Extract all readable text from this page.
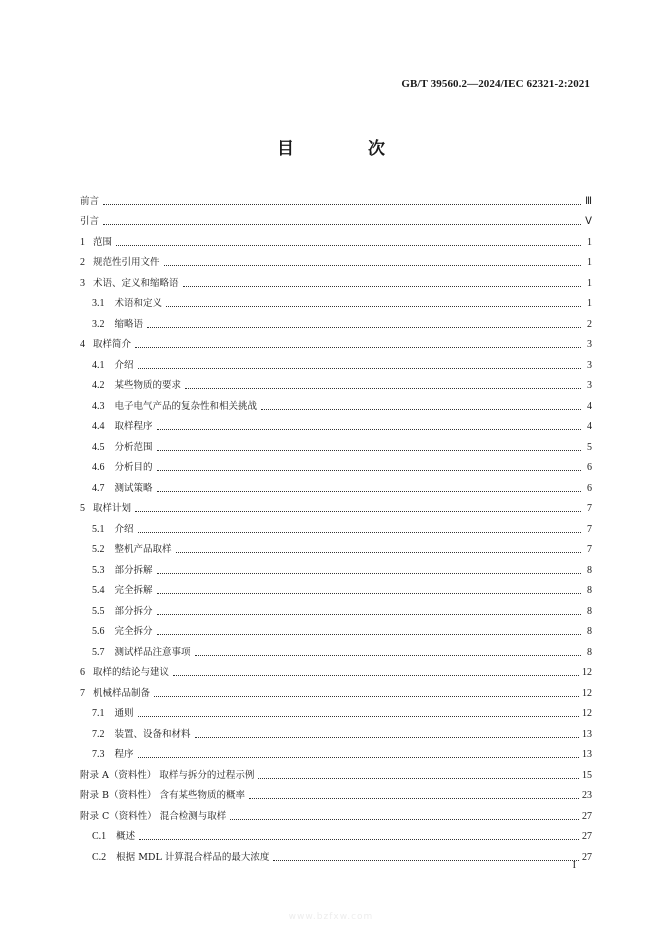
GB/T 39560.2—2024/IEC 62321-2:2021
目 次
前言	Ⅲ
引言	Ⅴ
1 范围	1
2 规范性引用文件	1
3 术语、定义和缩略语	1
3.1 术语和定义	1
3.2 缩略语	2
4 取样简介	3
4.1 介绍	3
4.2 某些物质的要求	3
4.3 电子电气产品的复杂性和相关挑战	4
4.4 取样程序	4
4.5 分析范围	5
4.6 分析目的	6
4.7 测试策略	6
5 取样计划	7
5.1 介绍	7
5.2 整机产品取样	7
5.3 部分拆解	8
5.4 完全拆解	8
5.5 部分拆分	8
5.6 完全拆分	8
5.7 测试样品注意事项	8
6 取样的结论与建议	12
7 机械样品制备	12
7.1 通则	12
7.2 装置、设备和材料	13
7.3 程序	13
附录 A（资料性） 取样与拆分的过程示例	15
附录 B（资料性） 含有某些物质的概率	23
附录 C（资料性） 混合检测与取样	27
C.1 概述	27
C.2 根据 MDL 计算混合样品的最大浓度	27
I
www.bzfxw.com
